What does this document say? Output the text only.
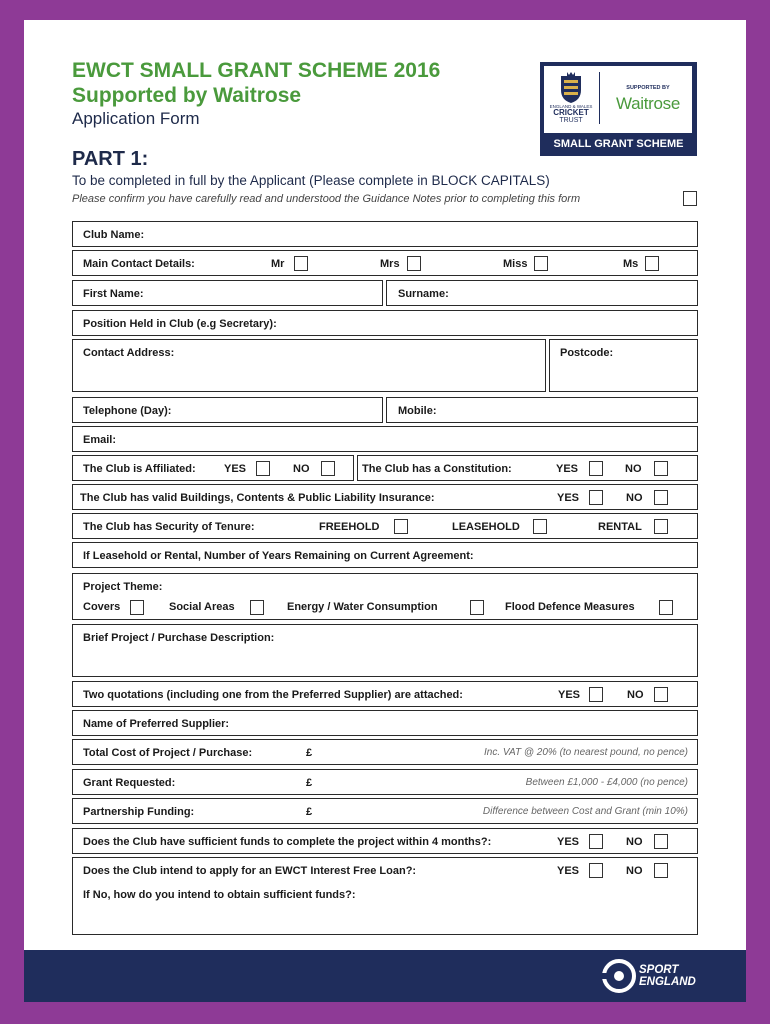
EWCT SMALL GRANT SCHEME 2016
Supported by Waitrose
Application Form
ENGLAND & WALES
CRICKET
TRUST
SUPPORTED BY
Waitrose
SMALL GRANT SCHEME
PART 1:
To be completed in full by the Applicant (Please complete in BLOCK CAPITALS)
Please confirm you have carefully read and understood the Guidance Notes prior to completing this form
Club Name:
Main Contact Details:	Mr	Mrs	Miss	Ms
First Name:	Surname:
Position Held in Club (e.g Secretary):
Contact Address:	Postcode:
Telephone (Day):	Mobile:
Email:
The Club is Affiliated:	YES	NO	The Club has a Constitution:	YES	NO
The Club has valid Buildings, Contents & Public Liability Insurance:	YES	NO
The Club has Security of Tenure:	FREEHOLD	LEASEHOLD	RENTAL
If Leasehold or Rental, Number of Years Remaining on Current Agreement:
Project Theme:
Covers	Social Areas	Energy / Water Consumption	Flood Defence Measures
Brief Project / Purchase Description:
Two quotations (including one from the Preferred Supplier) are attached:	YES	NO
Name of Preferred Supplier:
Total Cost of Project / Purchase:	£	Inc. VAT @ 20% (to nearest pound, no pence)
Grant Requested:	£	Between £1,000 - £4,000 (no pence)
Partnership Funding:	£	Difference between Cost and Grant (min 10%)
Does the Club have sufficient funds to complete the project within 4 months?:	YES	NO
Does the Club intend to apply for an EWCT Interest Free Loan?:	YES	NO
If No, how do you intend to obtain sufficient funds?:
SPORT
ENGLAND
